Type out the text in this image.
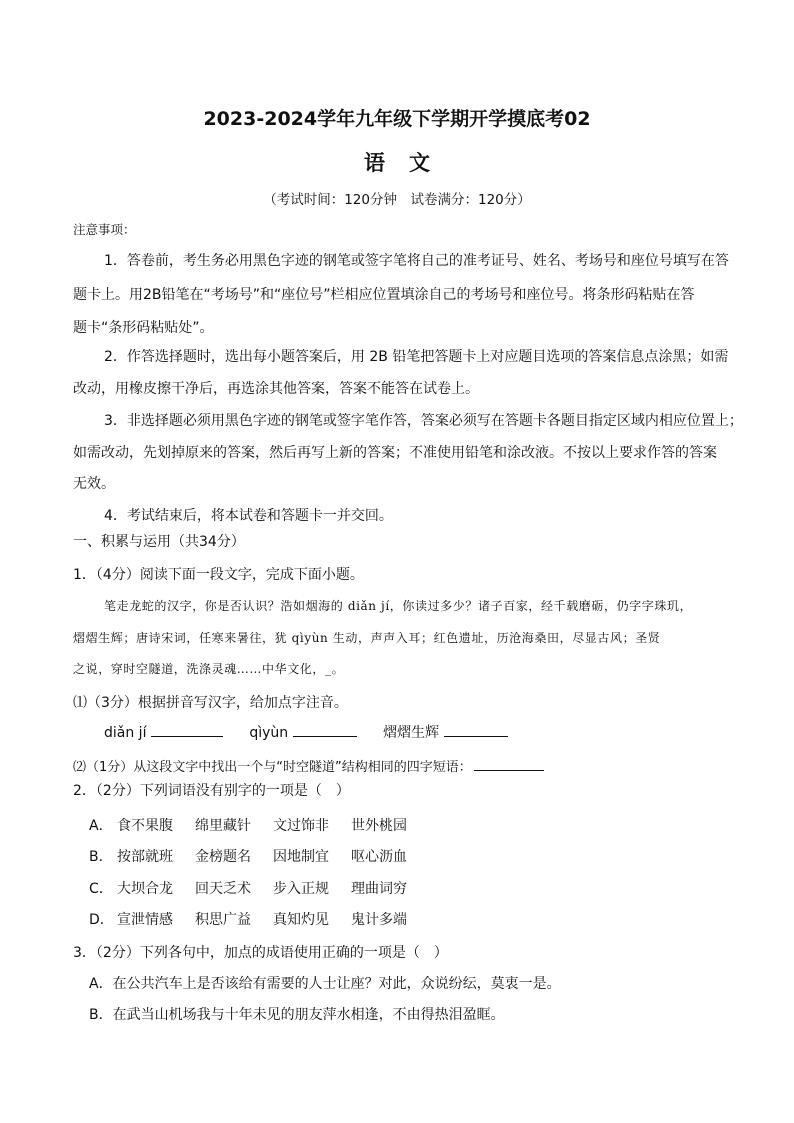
2023-2024学年九年级下学期开学摸底考02
语文
（考试时间：120分钟　试卷满分：120分）
注意事项：
1．答卷前，考生务必用黑色字迹的钢笔或签字笔将自己的准考证号、姓名、考场号和座位号填写在答
题卡上。用2B铅笔在“考场号”和“座位号”栏相应位置填涂自己的考场号和座位号。将条形码粘贴在答
题卡“条形码粘贴处”。
2．作答选择题时，选出每小题答案后，用 2B 铅笔把答题卡上对应题目选项的答案信息点涂黑；如需
改动，用橡皮擦干净后，再选涂其他答案，答案不能答在试卷上。
3．非选择题必须用黑色字迹的钢笔或签字笔作答，答案必须写在答题卡各题目指定区域内相应位置上；
如需改动，先划掉原来的答案，然后再写上新的答案；不准使用铅笔和涂改液。不按以上要求作答的答案
无效。
4．考试结束后，将本试卷和答题卡一并交回。
一、积累与运用（共34分）
1．（4分）阅读下面一段文字，完成下面小题。
笔走龙蛇的汉字，你是否认识？浩如烟海的 diǎn jí，你读过多少？诸子百家，经千载磨砺，仍字字珠玑，
熠熠生辉；唐诗宋词，任寒来暑往，犹 qìyùn 生动，声声入耳；红色遗址，历沧海桑田，尽显古风；圣贤
之说，穿时空隧道，洗涤灵魂……中华文化，_。
⑴（3分）根据拼音写汉字，给加点字注音。
diǎn jí	qìyùn	熠熠生辉
⑵（1分）从这段文字中找出一个与“时空隧道”结构相同的四字短语：
2．（2分）下列词语没有别字的一项是（　）
A． 食不果腹 绵里藏针 文过饰非 世外桃园
B． 按部就班 金榜题名 因地制宜 呕心沥血
C． 大坝合龙 回天乏术 步入正规 理曲词穷
D． 宣泄情感 积思广益 真知灼见 鬼计多端
3．（2分）下列各句中，加点的成语使用正确的一项是（　）
A．在公共汽车上是否该给有需要的人士让座？对此，众说纷纭，莫衷一是。
B．在武当山机场我与十年未见的朋友萍水相逢，不由得热泪盈眶。
